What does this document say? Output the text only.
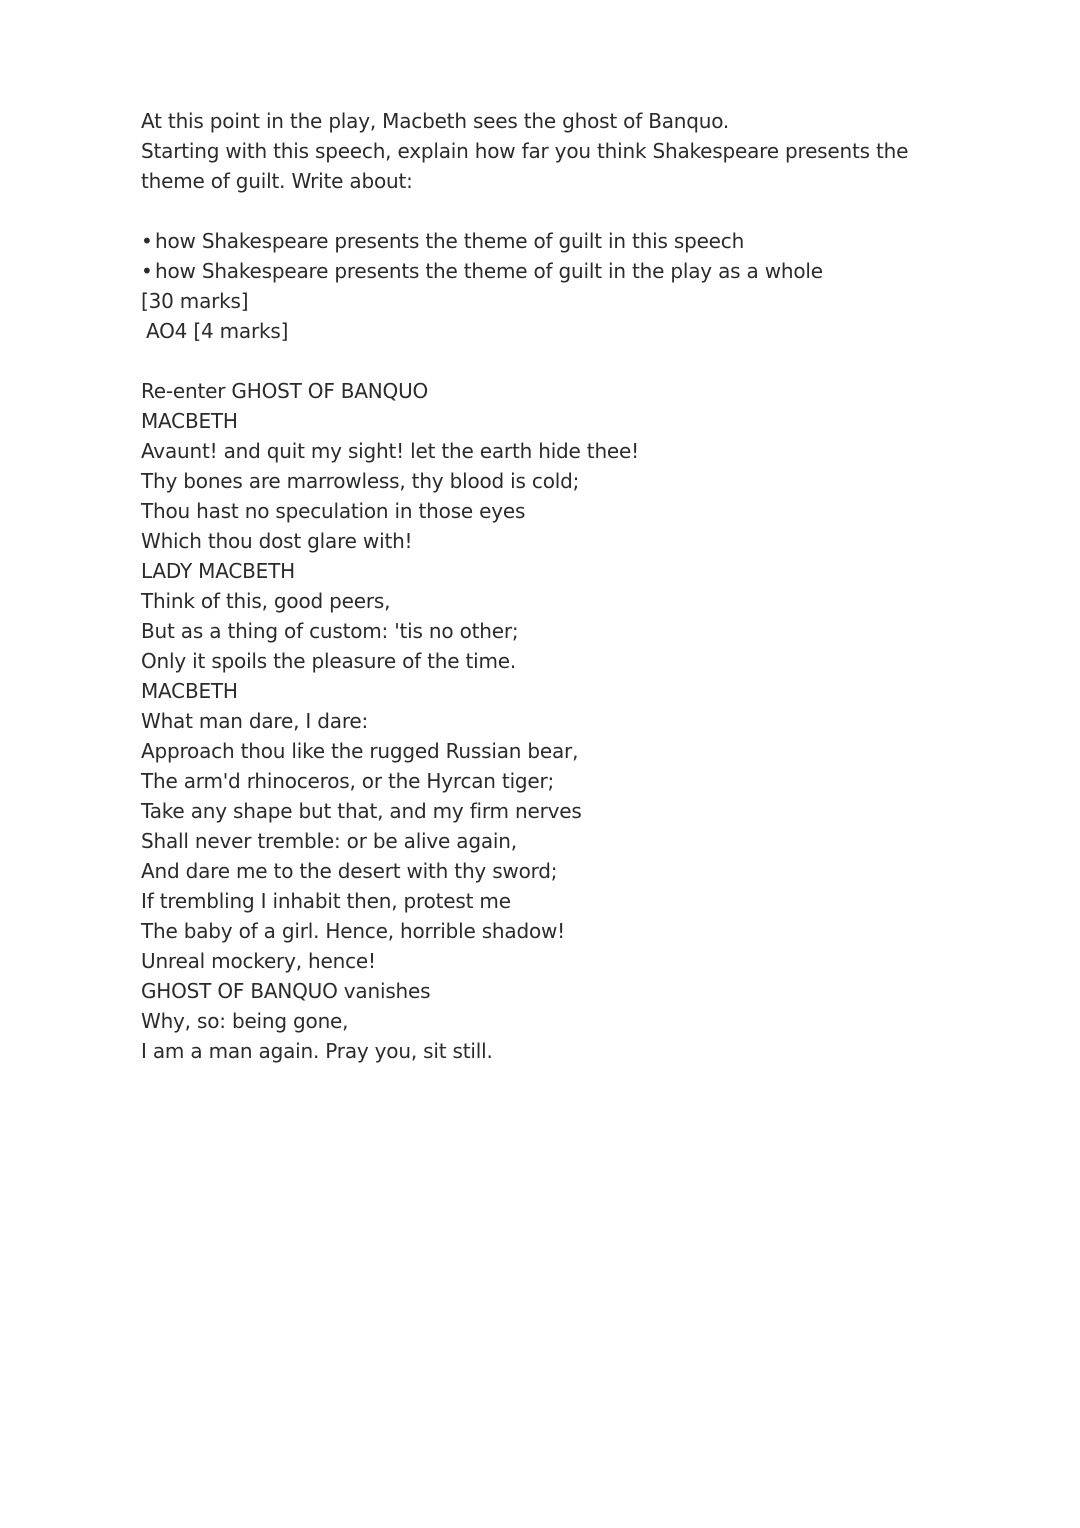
At this point in the play, Macbeth sees the ghost of Banquo.
Starting with this speech, explain how far you think Shakespeare presents the
theme of guilt. Write about:
• how Shakespeare presents the theme of guilt in this speech
• how Shakespeare presents the theme of guilt in the play as a whole
[30 marks]
AO4 [4 marks]
Re-enter GHOST OF BANQUO
MACBETH
Avaunt! and quit my sight! let the earth hide thee!
Thy bones are marrowless, thy blood is cold;
Thou hast no speculation in those eyes
Which thou dost glare with!
LADY MACBETH
Think of this, good peers,
But as a thing of custom: 'tis no other;
Only it spoils the pleasure of the time.
MACBETH
What man dare, I dare:
Approach thou like the rugged Russian bear,
The arm'd rhinoceros, or the Hyrcan tiger;
Take any shape but that, and my firm nerves
Shall never tremble: or be alive again,
And dare me to the desert with thy sword;
If trembling I inhabit then, protest me
The baby of a girl. Hence, horrible shadow!
Unreal mockery, hence!
GHOST OF BANQUO vanishes
Why, so: being gone,
I am a man again. Pray you, sit still.
